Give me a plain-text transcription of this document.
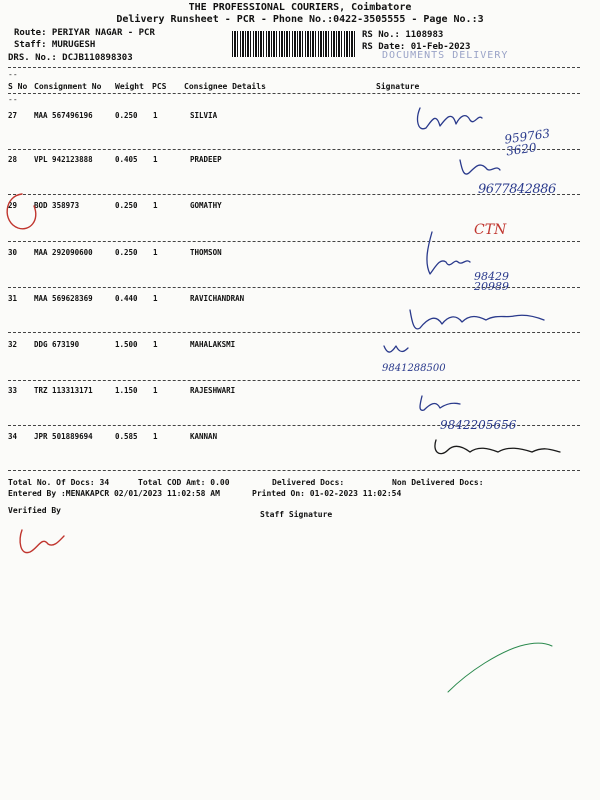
THE PROFESSIONAL COURIERS, Coimbatore
Delivery Runsheet - PCR - Phone No.:0422-3505555 - Page No.:3
Route: PERIYAR NAGAR - PCR
Staff: MURUGESH
DRS. No.: DCJB110898303
RS No.: 1108983
RS Date: 01-Feb-2023
DOCUMENTS DELIVERY
--
S No Consignment No Weight PCS Consignee Details	Signature
--
27 MAA 567496196	0.250 1	SILVIA
28 VPL 942123888	0.405 1	PRADEEP
29 BOD 358973	0.250 1	GOMATHY
30 MAA 292090600	0.250 1	THOMSON
31 MAA 569628369	0.440 1	RAVICHANDRAN
32 DDG 673190	1.500 1	MAHALAKSMI
33 TRZ 113313171	1.150 1	RAJESHWARI
34 JPR 501889694	0.585 1	KANNAN
959763 3620
9677842886
CTN
98429 20989
9841288500
9842205656
Total No. Of Docs: 34	Total COD Amt: 0.00	Delivered Docs:	Non Delivered Docs:
Entered By :MENAKAPCR 02/01/2023 11:02:58 AM	Printed On: 01-02-2023 11:02:54
Verified By	Staff Signature
